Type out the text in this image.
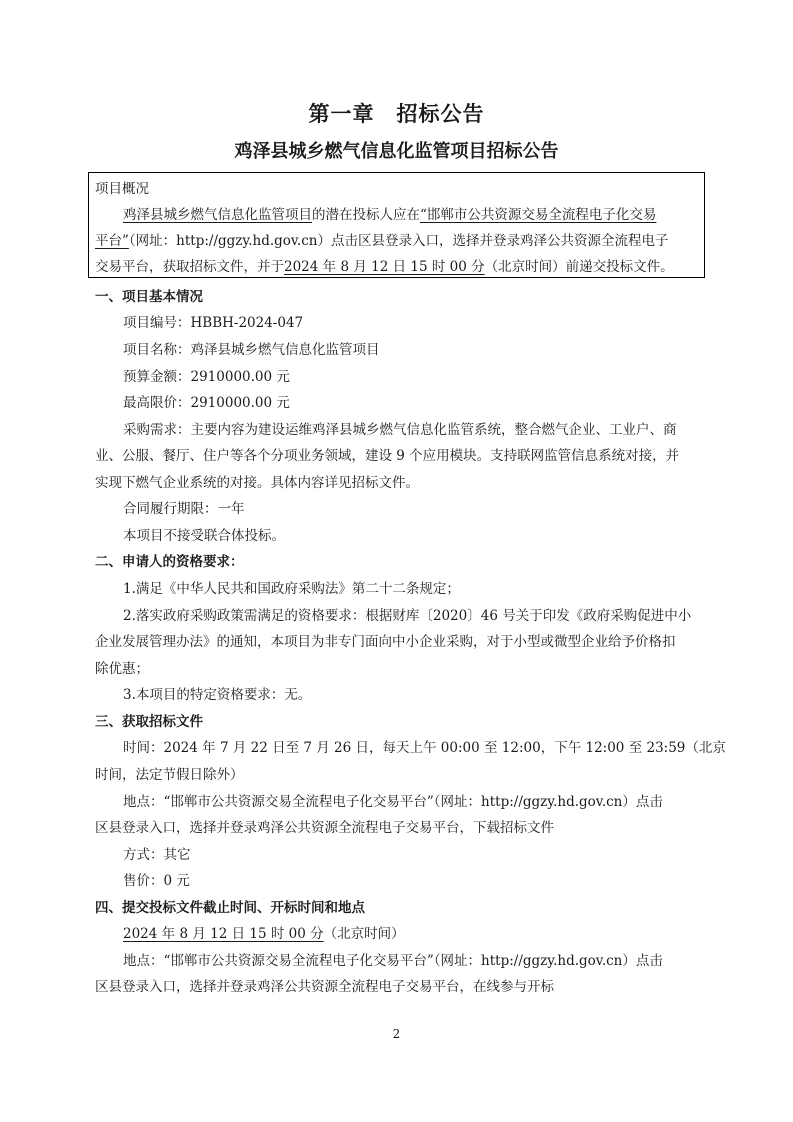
第一章　招标公告
鸡泽县城乡燃气信息化监管项目招标公告
项目概况
鸡泽县城乡燃气信息化监管项目的潜在投标人应在“邯郸市公共资源交易全流程电子化交易
平台”（网址：http://ggzy.hd.gov.cn）点击区县登录入口，选择并登录鸡泽公共资源全流程电子
交易平台，获取招标文件，并于2024 年 8 月 12 日 15 时 00 分（北京时间）前递交投标文件。
一、项目基本情况
项目编号：HBBH-2024-047
项目名称：鸡泽县城乡燃气信息化监管项目
预算金额：2910000.00 元
最高限价：2910000.00 元
采购需求：主要内容为建设运维鸡泽县城乡燃气信息化监管系统，整合燃气企业、工业户、商
业、公服、餐厅、住户等各个分项业务领域，建设 9 个应用模块。支持联网监管信息系统对接，并
实现下燃气企业系统的对接。具体内容详见招标文件。
合同履行期限：一年
本项目不接受联合体投标。
二、申请人的资格要求：
1.满足《中华人民共和国政府采购法》第二十二条规定；
2.落实政府采购政策需满足的资格要求：根据财库〔2020〕46 号关于印发《政府采购促进中小
企业发展管理办法》的通知，本项目为非专门面向中小企业采购，对于小型或微型企业给予价格扣
除优惠；
3.本项目的特定资格要求：无。
三、获取招标文件
时间：2024 年 7 月 22 日至 7 月 26 日，每天上午 00:00 至 12:00，下午 12:00 至 23:59（北京
时间，法定节假日除外）
地点：“邯郸市公共资源交易全流程电子化交易平台”（网址：http://ggzy.hd.gov.cn）点击
区县登录入口，选择并登录鸡泽公共资源全流程电子交易平台，下载招标文件
方式：其它
售价：0 元
四、提交投标文件截止时间、开标时间和地点
2024 年 8 月 12 日 15 时 00 分（北京时间）
地点：“邯郸市公共资源交易全流程电子化交易平台”（网址：http://ggzy.hd.gov.cn）点击
区县登录入口，选择并登录鸡泽公共资源全流程电子交易平台，在线参与开标
2
